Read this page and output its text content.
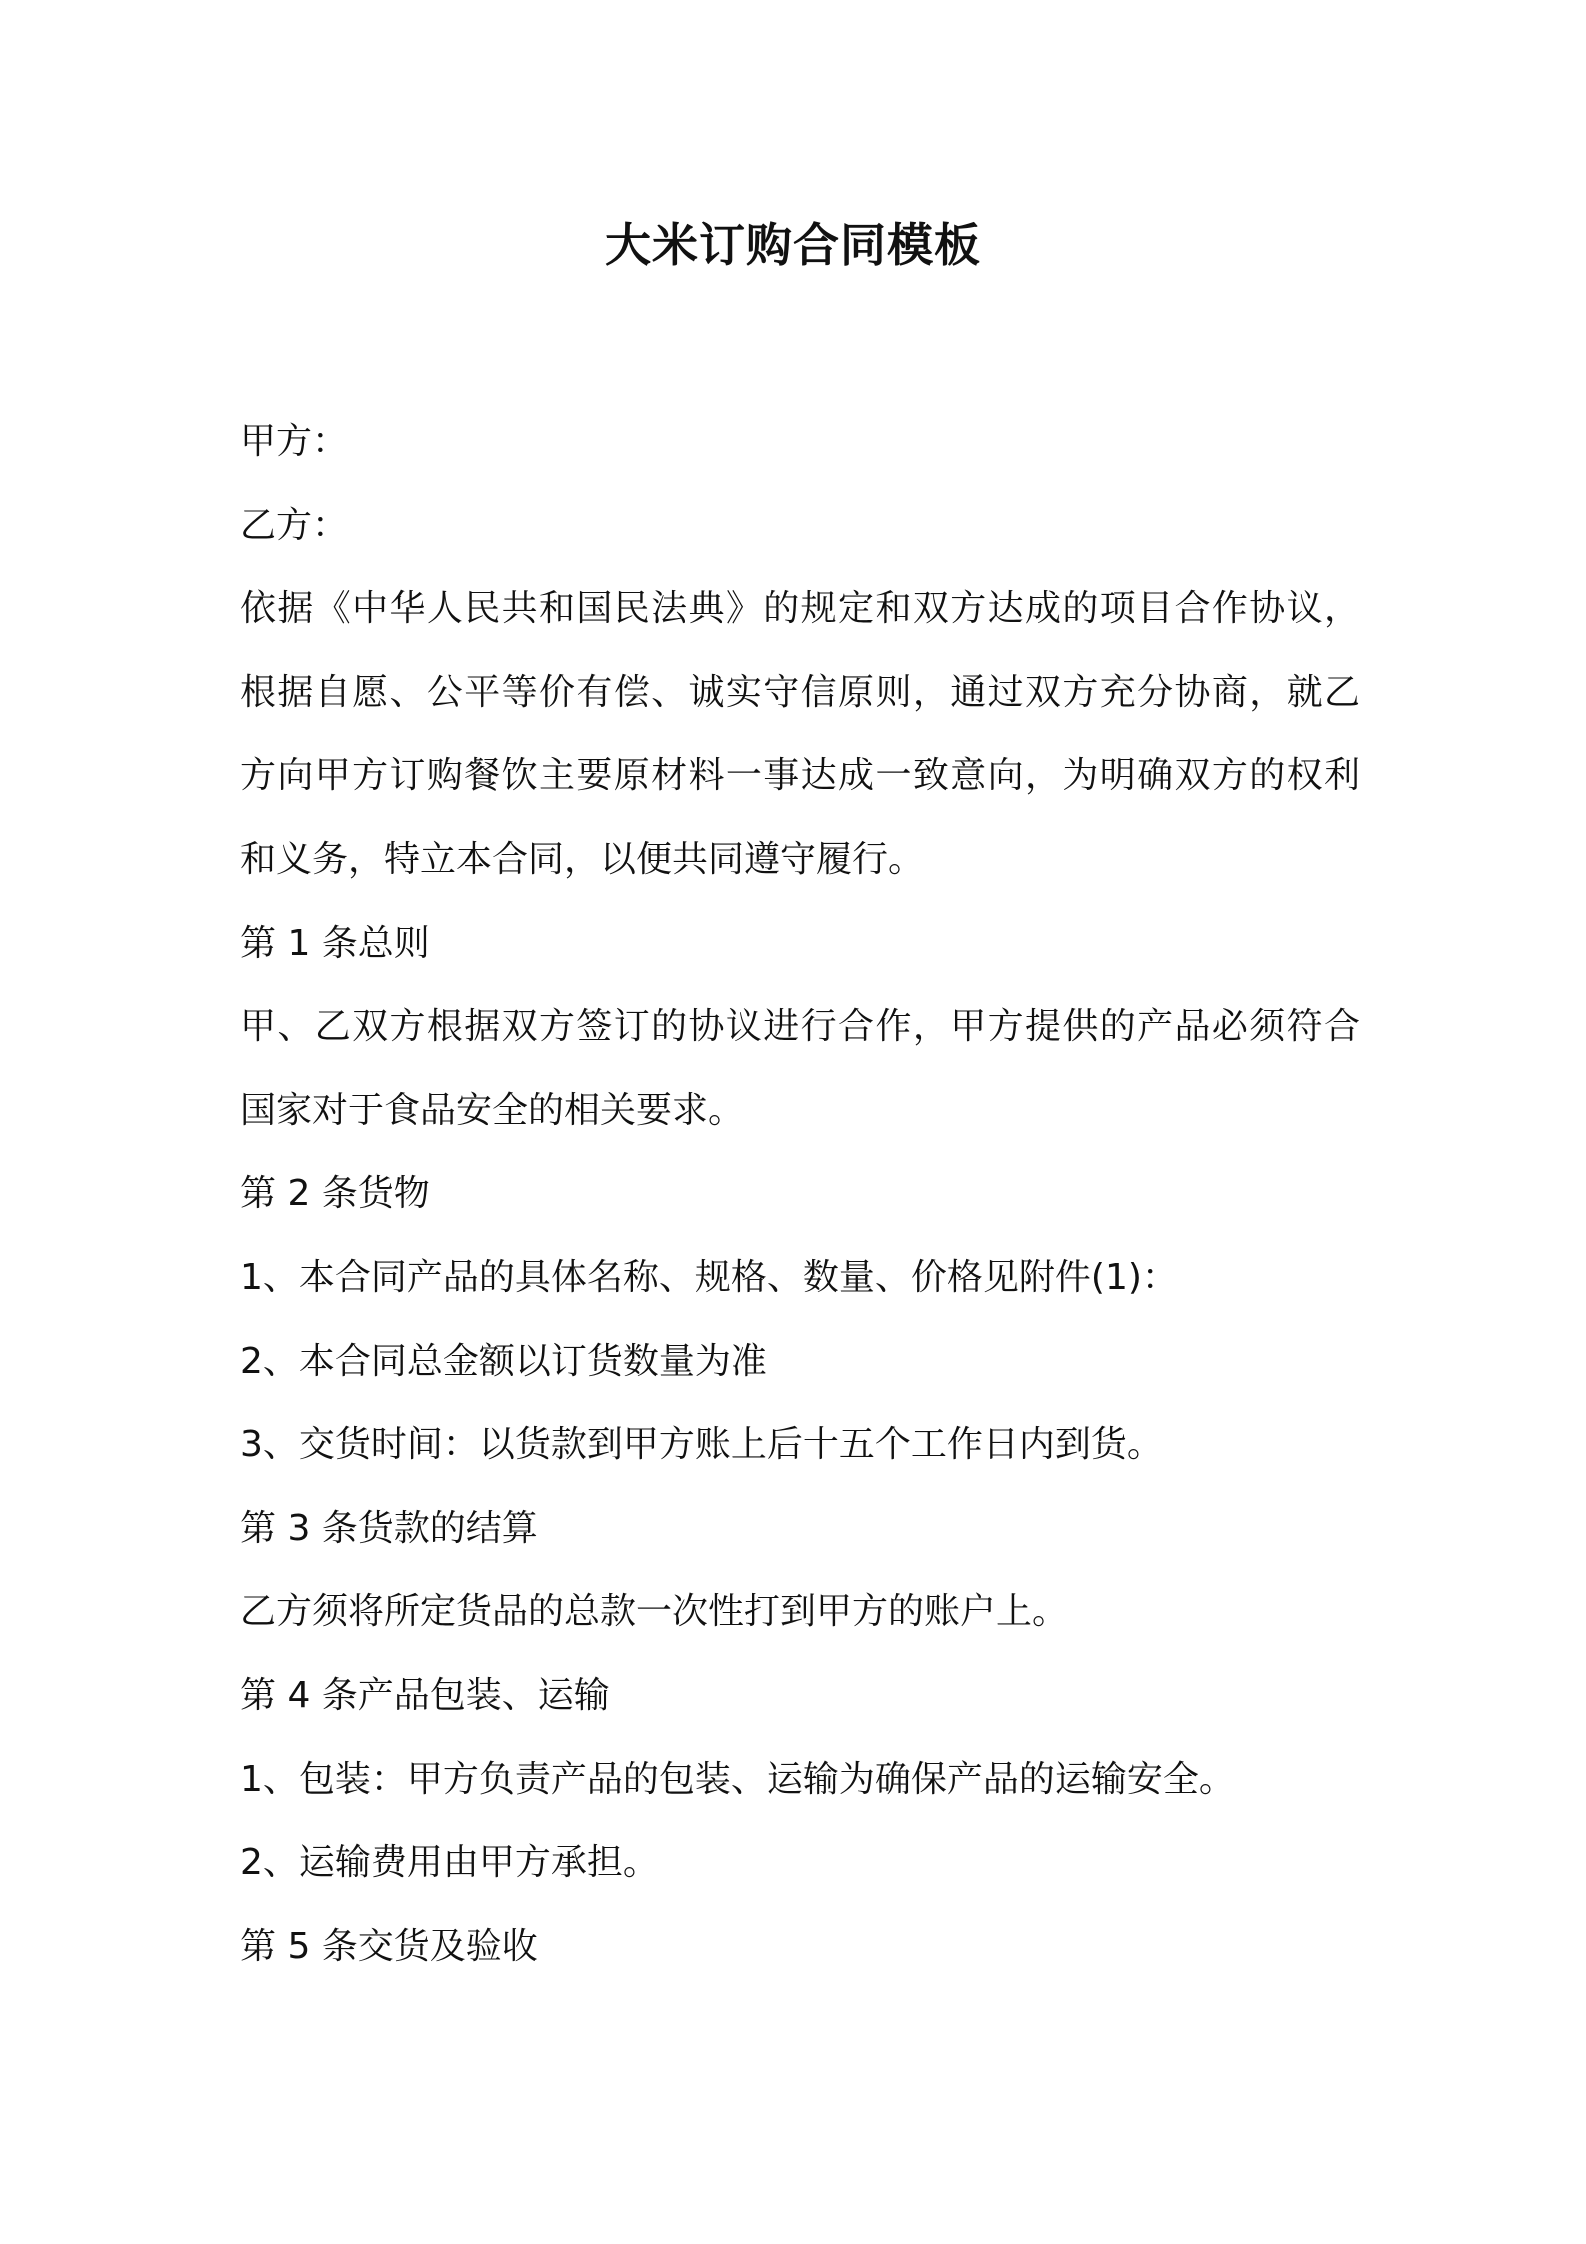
大米订购合同模板
甲方：
乙方：
依据《中华人民共和国民法典》的规定和双方达成的项目合作协议，
根据自愿、公平等价有偿、诚实守信原则，通过双方充分协商，就乙
方向甲方订购餐饮主要原材料一事达成一致意向，为明确双方的权利
和义务，特立本合同，以便共同遵守履行。
第 1 条总则
甲、乙双方根据双方签订的协议进行合作，甲方提供的产品必须符合
国家对于食品安全的相关要求。
第 2 条货物
1、本合同产品的具体名称、规格、数量、价格见附件(1)：
2、本合同总金额以订货数量为准
3、交货时间：以货款到甲方账上后十五个工作日内到货。
第 3 条货款的结算
乙方须将所定货品的总款一次性打到甲方的账户上。
第 4 条产品包装、运输
1、包装：甲方负责产品的包装、运输为确保产品的运输安全。
2、运输费用由甲方承担。
第 5 条交货及验收
